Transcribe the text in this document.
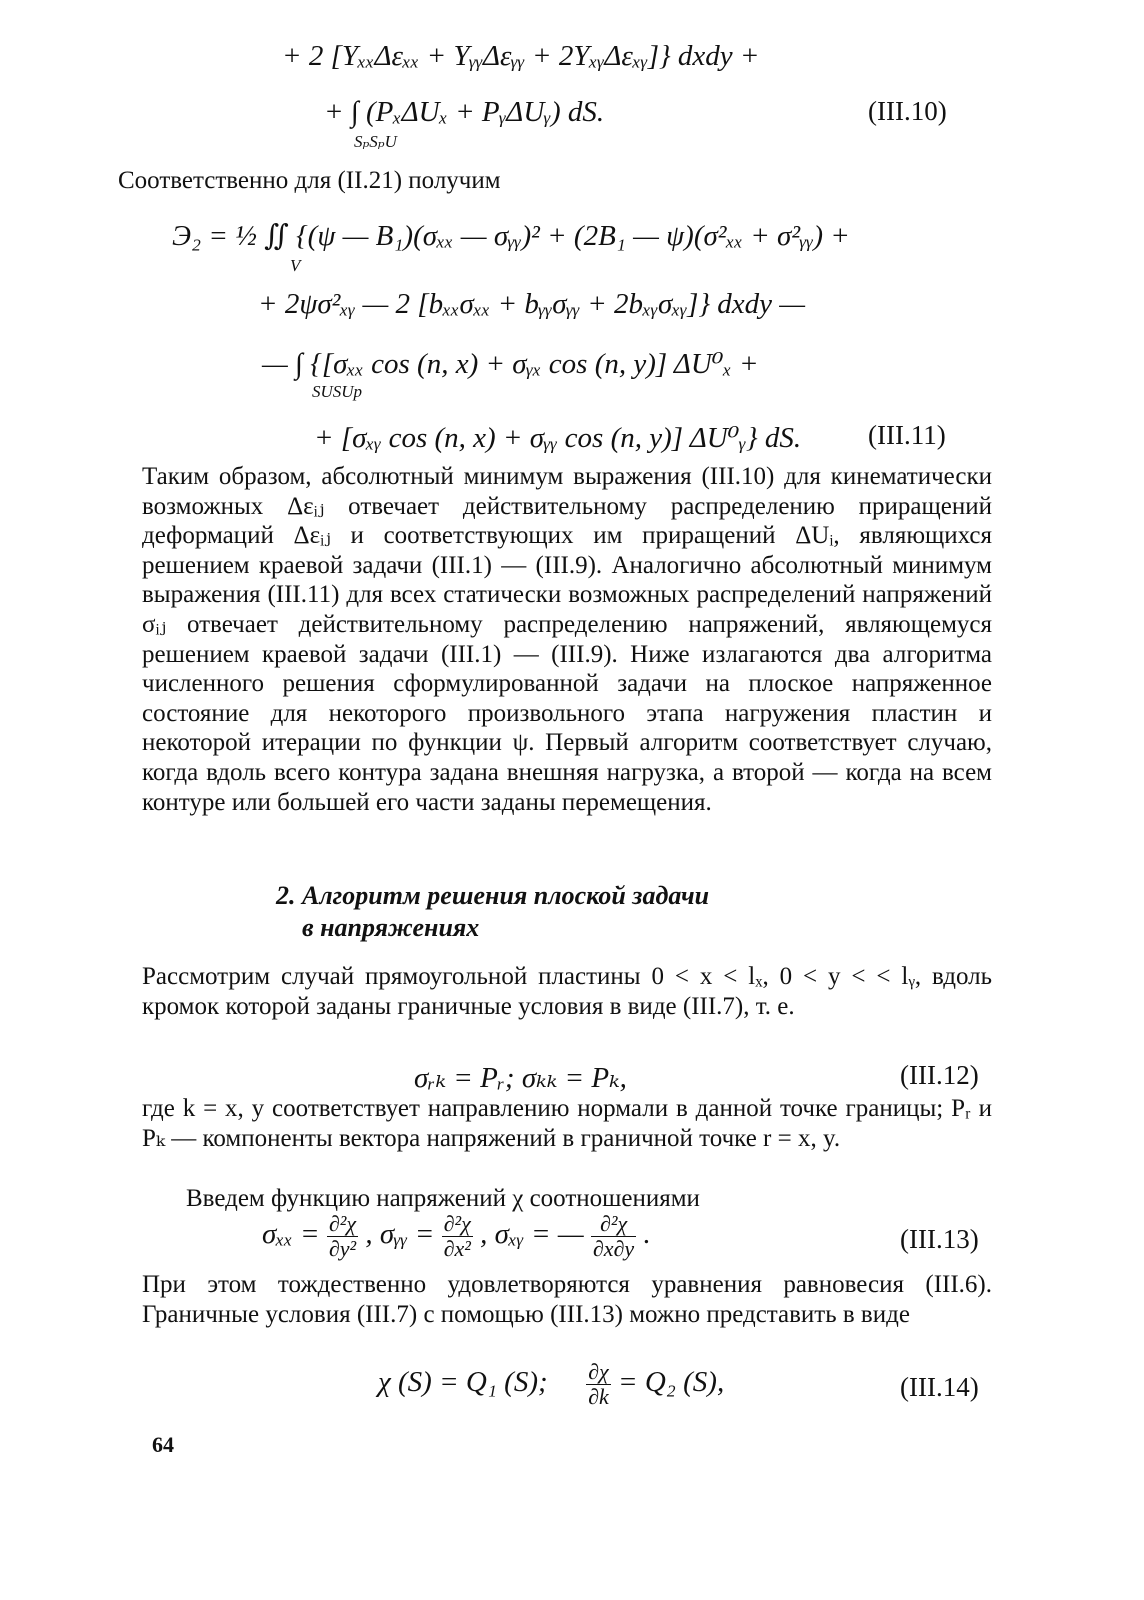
+ 2 [YₓₓΔεₓₓ + YᵧᵧΔεᵧᵧ + 2YₓᵧΔεₓᵧ]} dxdy +
+ ∫ (PₓΔUₓ + PᵧΔUᵧ) dS.
SₚSₚU
(III.10)
Соответственно для (II.21) получим
Э₂ = ½ ∬ {(ψ — B₁)(σₓₓ — σᵧᵧ)² + (2B₁ — ψ)(σ²ₓₓ + σ²ᵧᵧ) +
V
+ 2ψσ²ₓᵧ — 2 [bₓₓσₓₓ + bᵧᵧσᵧᵧ + 2bₓᵧσₓᵧ]} dxdy —
— ∫ {[σₓₓ cos (n, x) + σᵧₓ cos (n, y)] ΔU⁰ₓ +
SUSUp
+ [σₓᵧ cos (n, x) + σᵧᵧ cos (n, y)] ΔU⁰ᵧ} dS. (III.11)
Таким образом, абсолютный минимум выражения (III.10) для кинематически возможных Δεᵢⱼ отвечает действительному распределению приращений деформаций Δεᵢⱼ и соответствующих им приращений ΔUᵢ, являющихся решением краевой задачи (III.1) — (III.9). Аналогично абсолютный минимум выражения (III.11) для всех статически возможных распределений напряжений σᵢⱼ отвечает действительному распределению напряжений, являющемуся решением краевой задачи (III.1) — (III.9). Ниже излагаются два алгоритма численного решения сформулированной задачи на плоское напряженное состояние для некоторого произвольного этапа нагружения пластин и некоторой итерации по функции ψ. Первый алгоритм соответствует случаю, когда вдоль всего контура задана внешняя нагрузка, а второй — когда на всем контуре или большей его части заданы перемещения.
2. Алгоритм решения плоской задачи
в напряжениях
Рассмотрим случай прямоугольной пластины 0 < x < lₓ, 0 < y < < lᵧ, вдоль кромок которой заданы граничные условия в виде (III.7), т. е.
σᵣₖ = Pᵣ; σₖₖ = Pₖ,	(III.12)
где k = x, y соответствует направлению нормали в данной точке границы; Pᵣ и Pₖ — компоненты вектора напряжений в граничной точке r = x, y.
Введем функцию напряжений χ соотношениями
$\sigma_{xx} = \frac{\text{∂²χ}}{\text{∂y²}}$ , σᵧᵧ = $\frac{\text{∂²χ}}{\text{∂x²}}$ , σₓᵧ = — $\frac{\text{∂²χ}}{\partial x\partial y}$ .	(III.13)
При этом тождественно удовлетворяются уравнения равновесия (III.6). Граничные условия (III.7) с помощью (III.13) можно представить в виде
χ (S) = Q₁ (S); $\frac{\partial\chi}{\partial k} = Q_2$ (S),	(III.14)
64
